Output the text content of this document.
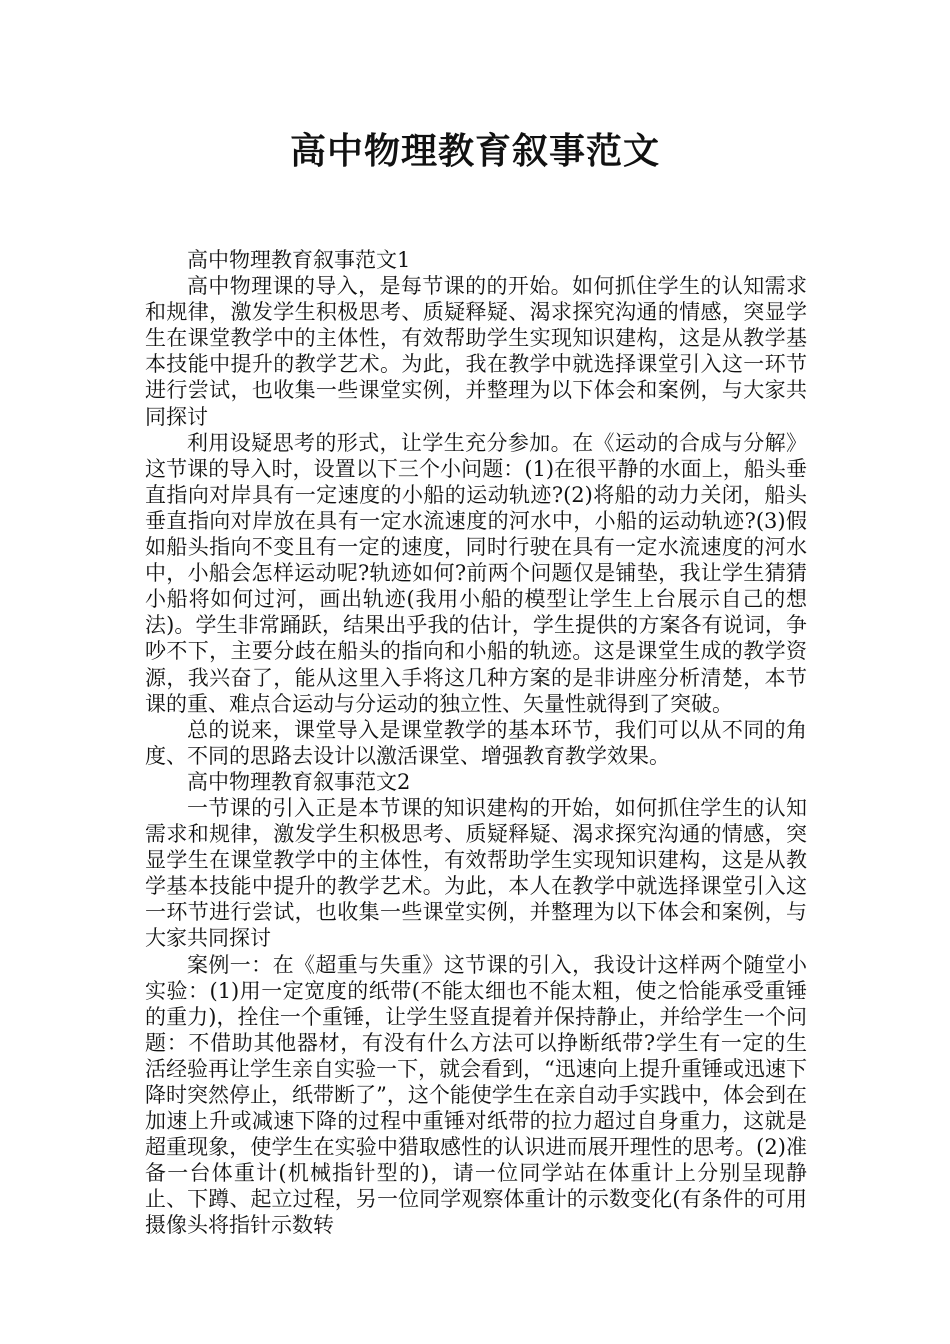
高中物理教育叙事范文

高中物理教育叙事范文1

高中物理课的导入，是每节课的的开始。如何抓住学生的认知需求和规律，激发学生积极思考、质疑释疑、渴求探究沟通的情感，突显学生在课堂教学中的主体性，有效帮助学生实现知识建构，这是从教学基本技能中提升的教学艺术。为此，我在教学中就选择课堂引入这一环节进行尝试，也收集一些课堂实例，并整理为以下体会和案例，与大家共同探讨

利用设疑思考的形式，让学生充分参加。在《运动的合成与分解》这节课的导入时，设置以下三个小问题：(1)在很平静的水面上，船头垂直指向对岸具有一定速度的小船的运动轨迹?(2)将船的动力关闭，船头垂直指向对岸放在具有一定水流速度的河水中，小船的运动轨迹?(3)假如船头指向不变且有一定的速度，同时行驶在具有一定水流速度的河水中，小船会怎样运动呢?轨迹如何?前两个问题仅是铺垫，我让学生猜猜小船将如何过河，画出轨迹(我用小船的模型让学生上台展示自己的想法)。学生非常踊跃，结果出乎我的估计，学生提供的方案各有说词，争吵不下，主要分歧在船头的指向和小船的轨迹。这是课堂生成的教学资源，我兴奋了，能从这里入手将这几种方案的是非讲座分析清楚，本节课的重、难点合运动与分运动的独立性、矢量性就得到了突破。

总的说来，课堂导入是课堂教学的基本环节，我们可以从不同的角度、不同的思路去设计以激活课堂、增强教育教学效果。

高中物理教育叙事范文2

一节课的引入正是本节课的知识建构的开始，如何抓住学生的认知需求和规律，激发学生积极思考、质疑释疑、渴求探究沟通的情感，突显学生在课堂教学中的主体性，有效帮助学生实现知识建构，这是从教学基本技能中提升的教学艺术。为此，本人在教学中就选择课堂引入这一环节进行尝试，也收集一些课堂实例，并整理为以下体会和案例，与大家共同探讨

案例一：在《超重与失重》这节课的引入，我设计这样两个随堂小实验：(1)用一定宽度的纸带(不能太细也不能太粗，使之恰能承受重锤的重力)，拴住一个重锤，让学生竖直提着并保持静止，并给学生一个问题：不借助其他器材，有没有什么方法可以挣断纸带?学生有一定的生活经验再让学生亲自实验一下，就会看到，“迅速向上提升重锤或迅速下降时突然停止，纸带断了”，这个能使学生在亲自动手实践中，体会到在加速上升或减速下降的过程中重锤对纸带的拉力超过自身重力，这就是超重现象，使学生在实验中猎取感性的认识进而展开理性的思考。(2)准备一台体重计(机械指针型的)，请一位同学站在体重计上分别呈现静止、下蹲、起立过程，另一位同学观察体重计的示数变化(有条件的可用摄像头将指针示数转
